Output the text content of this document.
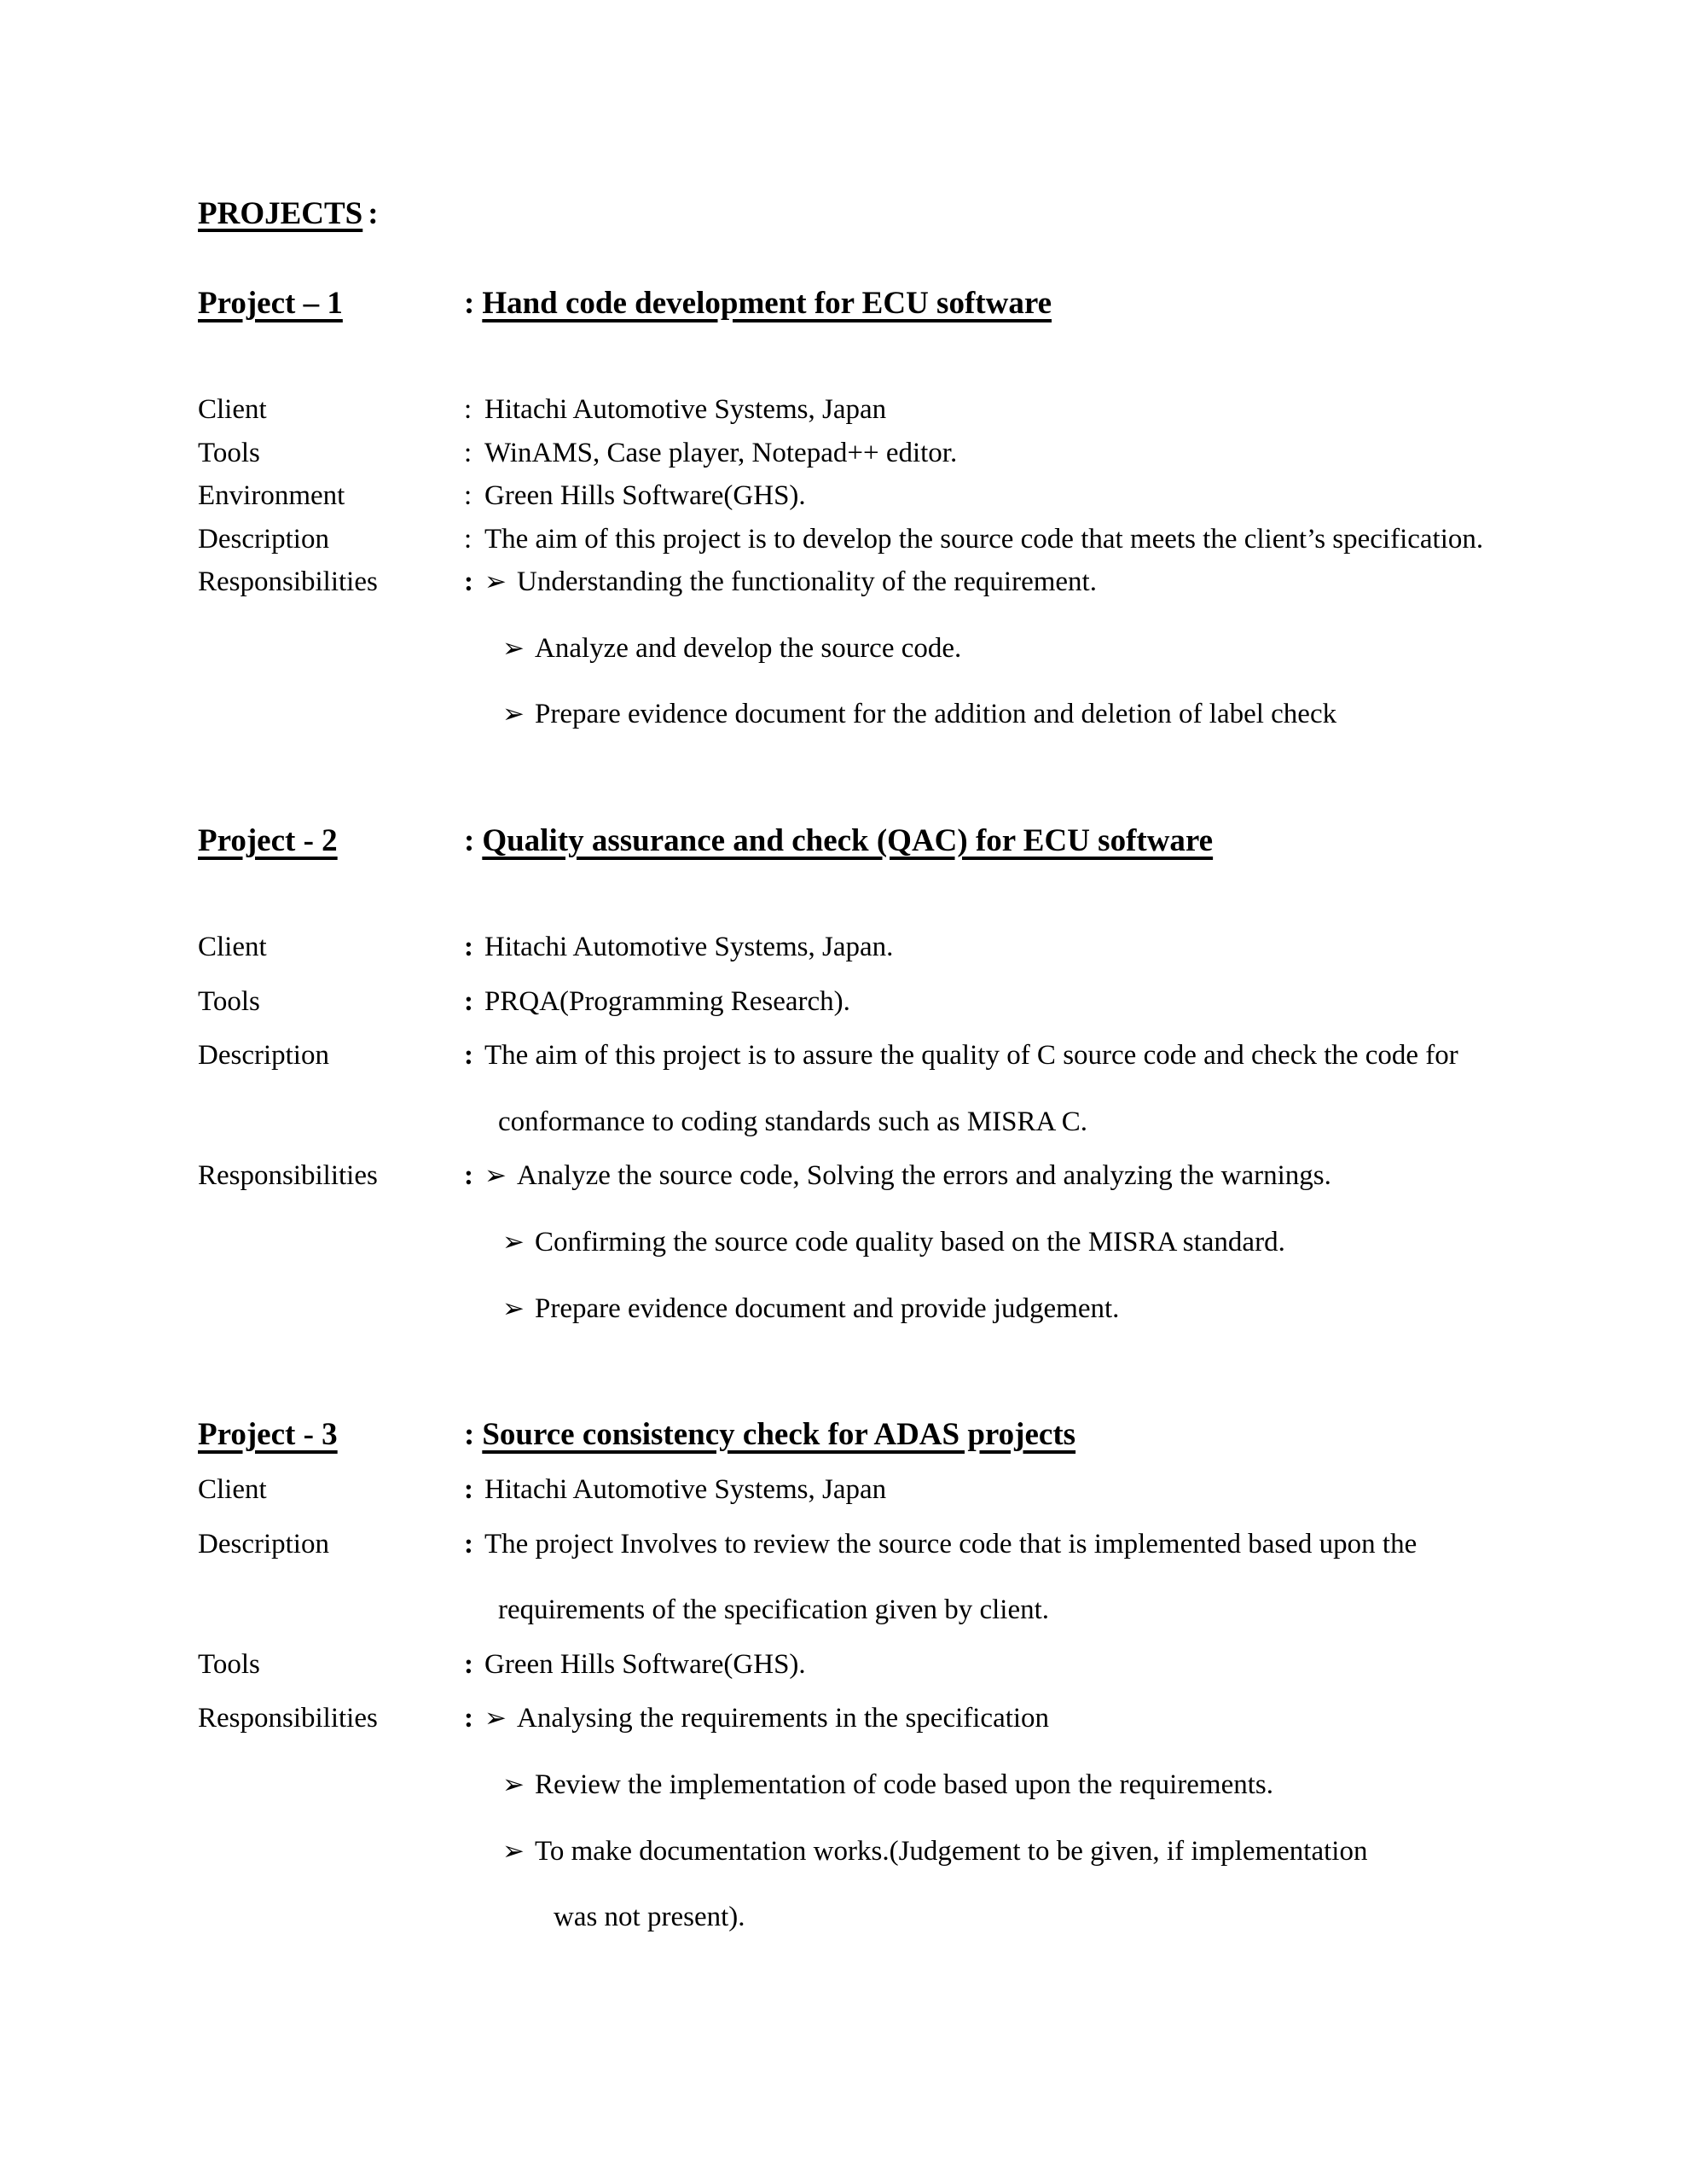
PROJECTS :
Project – 1	: Hand code development for ECU software
Client	: Hitachi Automotive Systems, Japan
Tools	: WinAMS, Case player, Notepad++ editor.
Environment	: Green Hills Software(GHS).
Description	: The aim of this project is to develop the source code that meets the client’s specification.
Responsibilities	: ➢ Understanding the functionality of the requirement.
➢ Analyze and develop the source code.
➢ Prepare evidence document for the addition and deletion of label check
Project - 2	: Quality assurance and check (QAC) for ECU software
Client	: Hitachi Automotive Systems, Japan.
Tools	: PRQA(Programming Research).
Description	: The aim of this project is to assure the quality of C source code and check the code for

conformance to coding standards such as MISRA C.

Responsibilities	: ➢ Analyze the source code, Solving the errors and analyzing the warnings.
➢ Confirming the source code quality based on the MISRA standard.
➢ Prepare evidence document and provide judgement.
Project - 3	: Source consistency check for ADAS projects
Client	: Hitachi Automotive Systems, Japan
Description	: The project Involves to review the source code that is implemented based upon the

requirements of the specification given by client.

Tools	: Green Hills Software(GHS).
Responsibilities	: ➢ Analysing the requirements in the specification
➢ Review the implementation of code based upon the requirements.
➢ To make documentation works.(Judgement to be given, if implementation
was not present).
